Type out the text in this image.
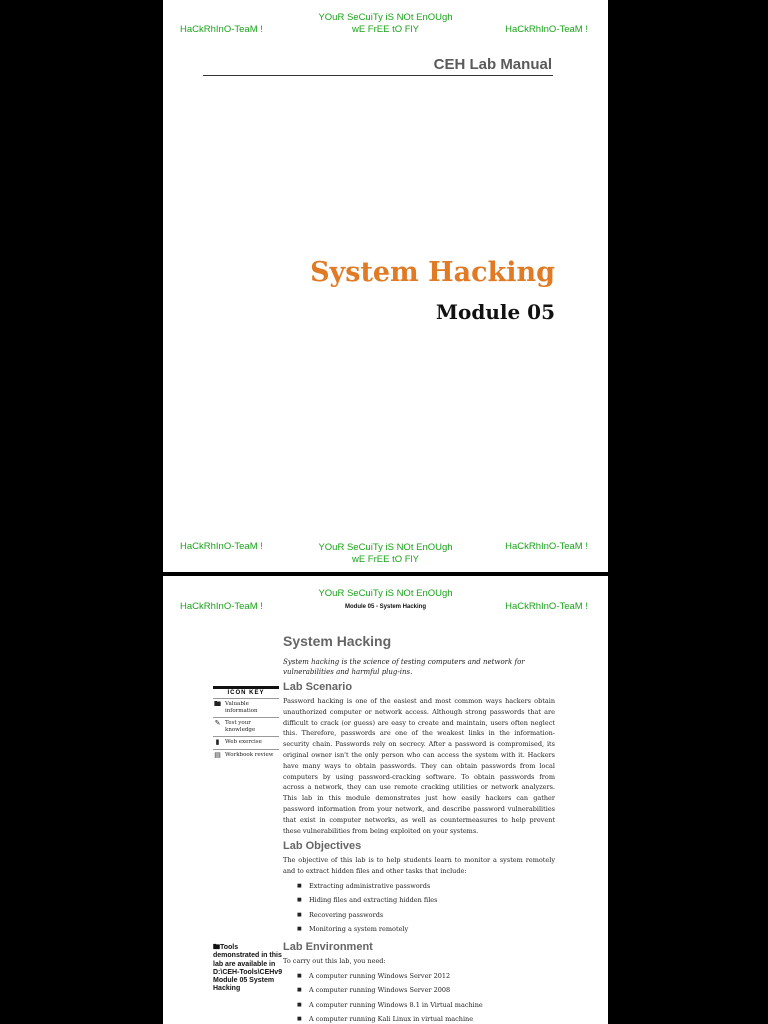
HaCkRhInO-TeaM !
YOuR SeCuiTy iS NOt EnOUgh
wE FrEE tO FlY	HaCkRhInO-TeaM !
CEH Lab Manual
System Hacking
Module 05
HaCkRhInO-TeaM !	YOuR SeCuiTy iS NOt EnOUgh
wE FrEE tO FlY
HaCkRhInO-TeaM !
YOuR SeCuiTy iS NOt EnOUgh
HaCkRhInO-TeaM !	HaCkRhInO-TeaM !
Module 05 - System Hacking
ICON KEY
🖿 Valuable information
✎ Test your knowledge
▮	Web exercise
▤ Workbook review
🖿Tools demonstrated in this lab are available in D:\CEH-Tools\CEHv9 Module 05 System Hacking
System Hacking
System hacking is the science of testing computers and network for vulnerabilities and harmful plug-ins.
Lab Scenario
Password hacking is one of the easiest and most common ways hackers obtain unauthorized computer or network access. Although strong passwords that are difficult to crack (or guess) are easy to create and maintain, users often neglect this. Therefore, passwords are one of the weakest links in the information-security chain. Passwords rely on secrecy. After a password is compromised, its original owner isn't the only person who can access the system with it. Hackers have many ways to obtain passwords. They can obtain passwords from local computers by using password-cracking software. To obtain passwords from across a network, they can use remote cracking utilities or network analyzers. This lab in this module demonstrates just how easily hackers can gather password information from your network, and describe password vulnerabilities that exist in computer networks, as well as countermeasures to help prevent these vulnerabilities from being exploited on your systems.
Lab Objectives
The objective of this lab is to help students learn to monitor a system remotely and to extract hidden files and other tasks that include:
■ Extracting administrative passwords
■ Hiding files and extracting hidden files
■ Recovering passwords
■ Monitoring a system remotely
Lab Environment
To carry out this lab, you need:
■ A computer running Windows Server 2012
■ A computer running Windows Server 2008
■ A computer running Windows 8.1 in Virtual machine
■ A computer running Kali Linux in virtual machine
